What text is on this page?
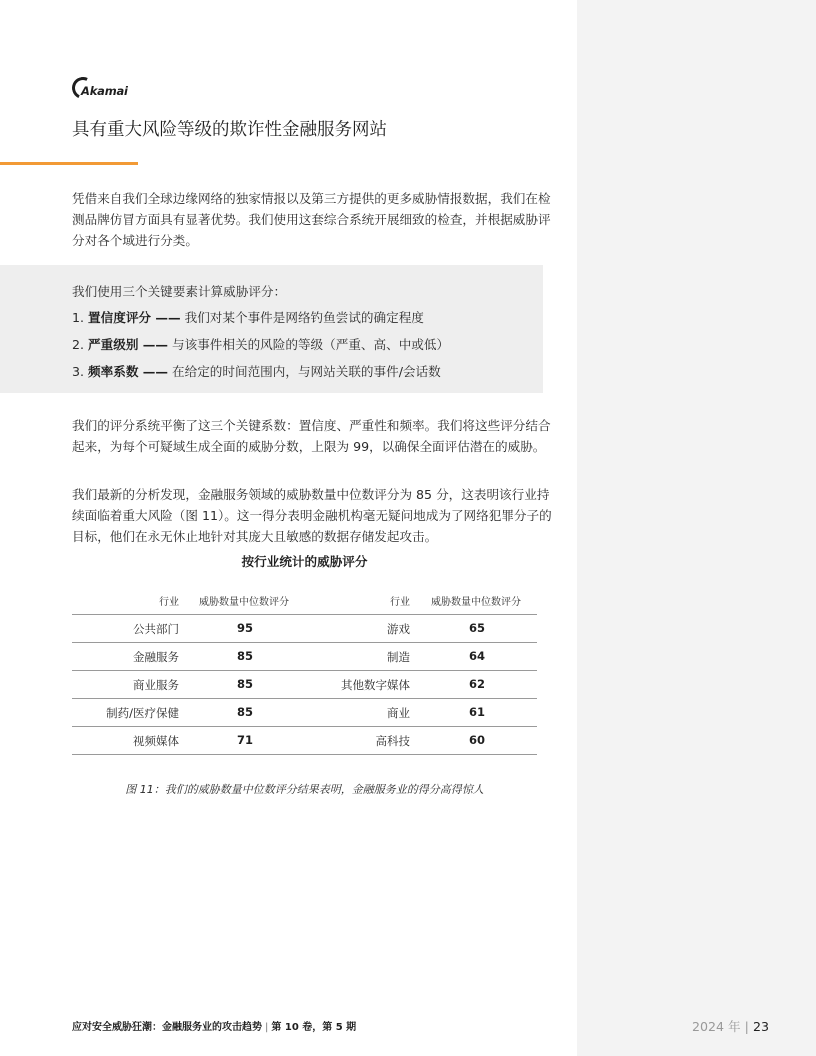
Akamai
具有重大风险等级的欺诈性金融服务网站

凭借来自我们全球边缘网络的独家情报以及第三方提供的更多威胁情报数据，我们在检测品牌仿冒方面具有显著优势。我们使用这套综合系统开展细致的检查，并根据威胁评分对各个域进行分类。

我们使用三个关键要素计算威胁评分：
1. 置信度评分 —— 我们对某个事件是网络钓鱼尝试的确定程度
2. 严重级别 —— 与该事件相关的风险的等级（严重、高、中或低）
3. 频率系数 —— 在给定的时间范围内，与网站关联的事件/会话数

我们的评分系统平衡了这三个关键系数：置信度、严重性和频率。我们将这些评分结合起来，为每个可疑域生成全面的威胁分数，上限为 99，以确保全面评估潜在的威胁。

我们最新的分析发现，金融服务领域的威胁数量中位数评分为 85 分，这表明该行业持续面临着重大风险（图 11）。这一得分表明金融机构毫无疑问地成为了网络犯罪分子的目标，他们在永无休止地针对其庞大且敏感的数据存储发起攻击。

按行业统计的威胁评分
行业 威胁数量中位数评分	行业 威胁数量中位数评分
公共部门	95	游戏	65
金融服务	85	制造	64
商业服务	85	其他数字媒体	62
制药/医疗保健	85	商业	61
视频媒体	71	高科技	60
图 11：我们的威胁数量中位数评分结果表明，金融服务业的得分高得惊人
应对安全威胁狂潮：金融服务业的攻击趋势 | 第 10 卷，第 5 期	2024 年 | 23
